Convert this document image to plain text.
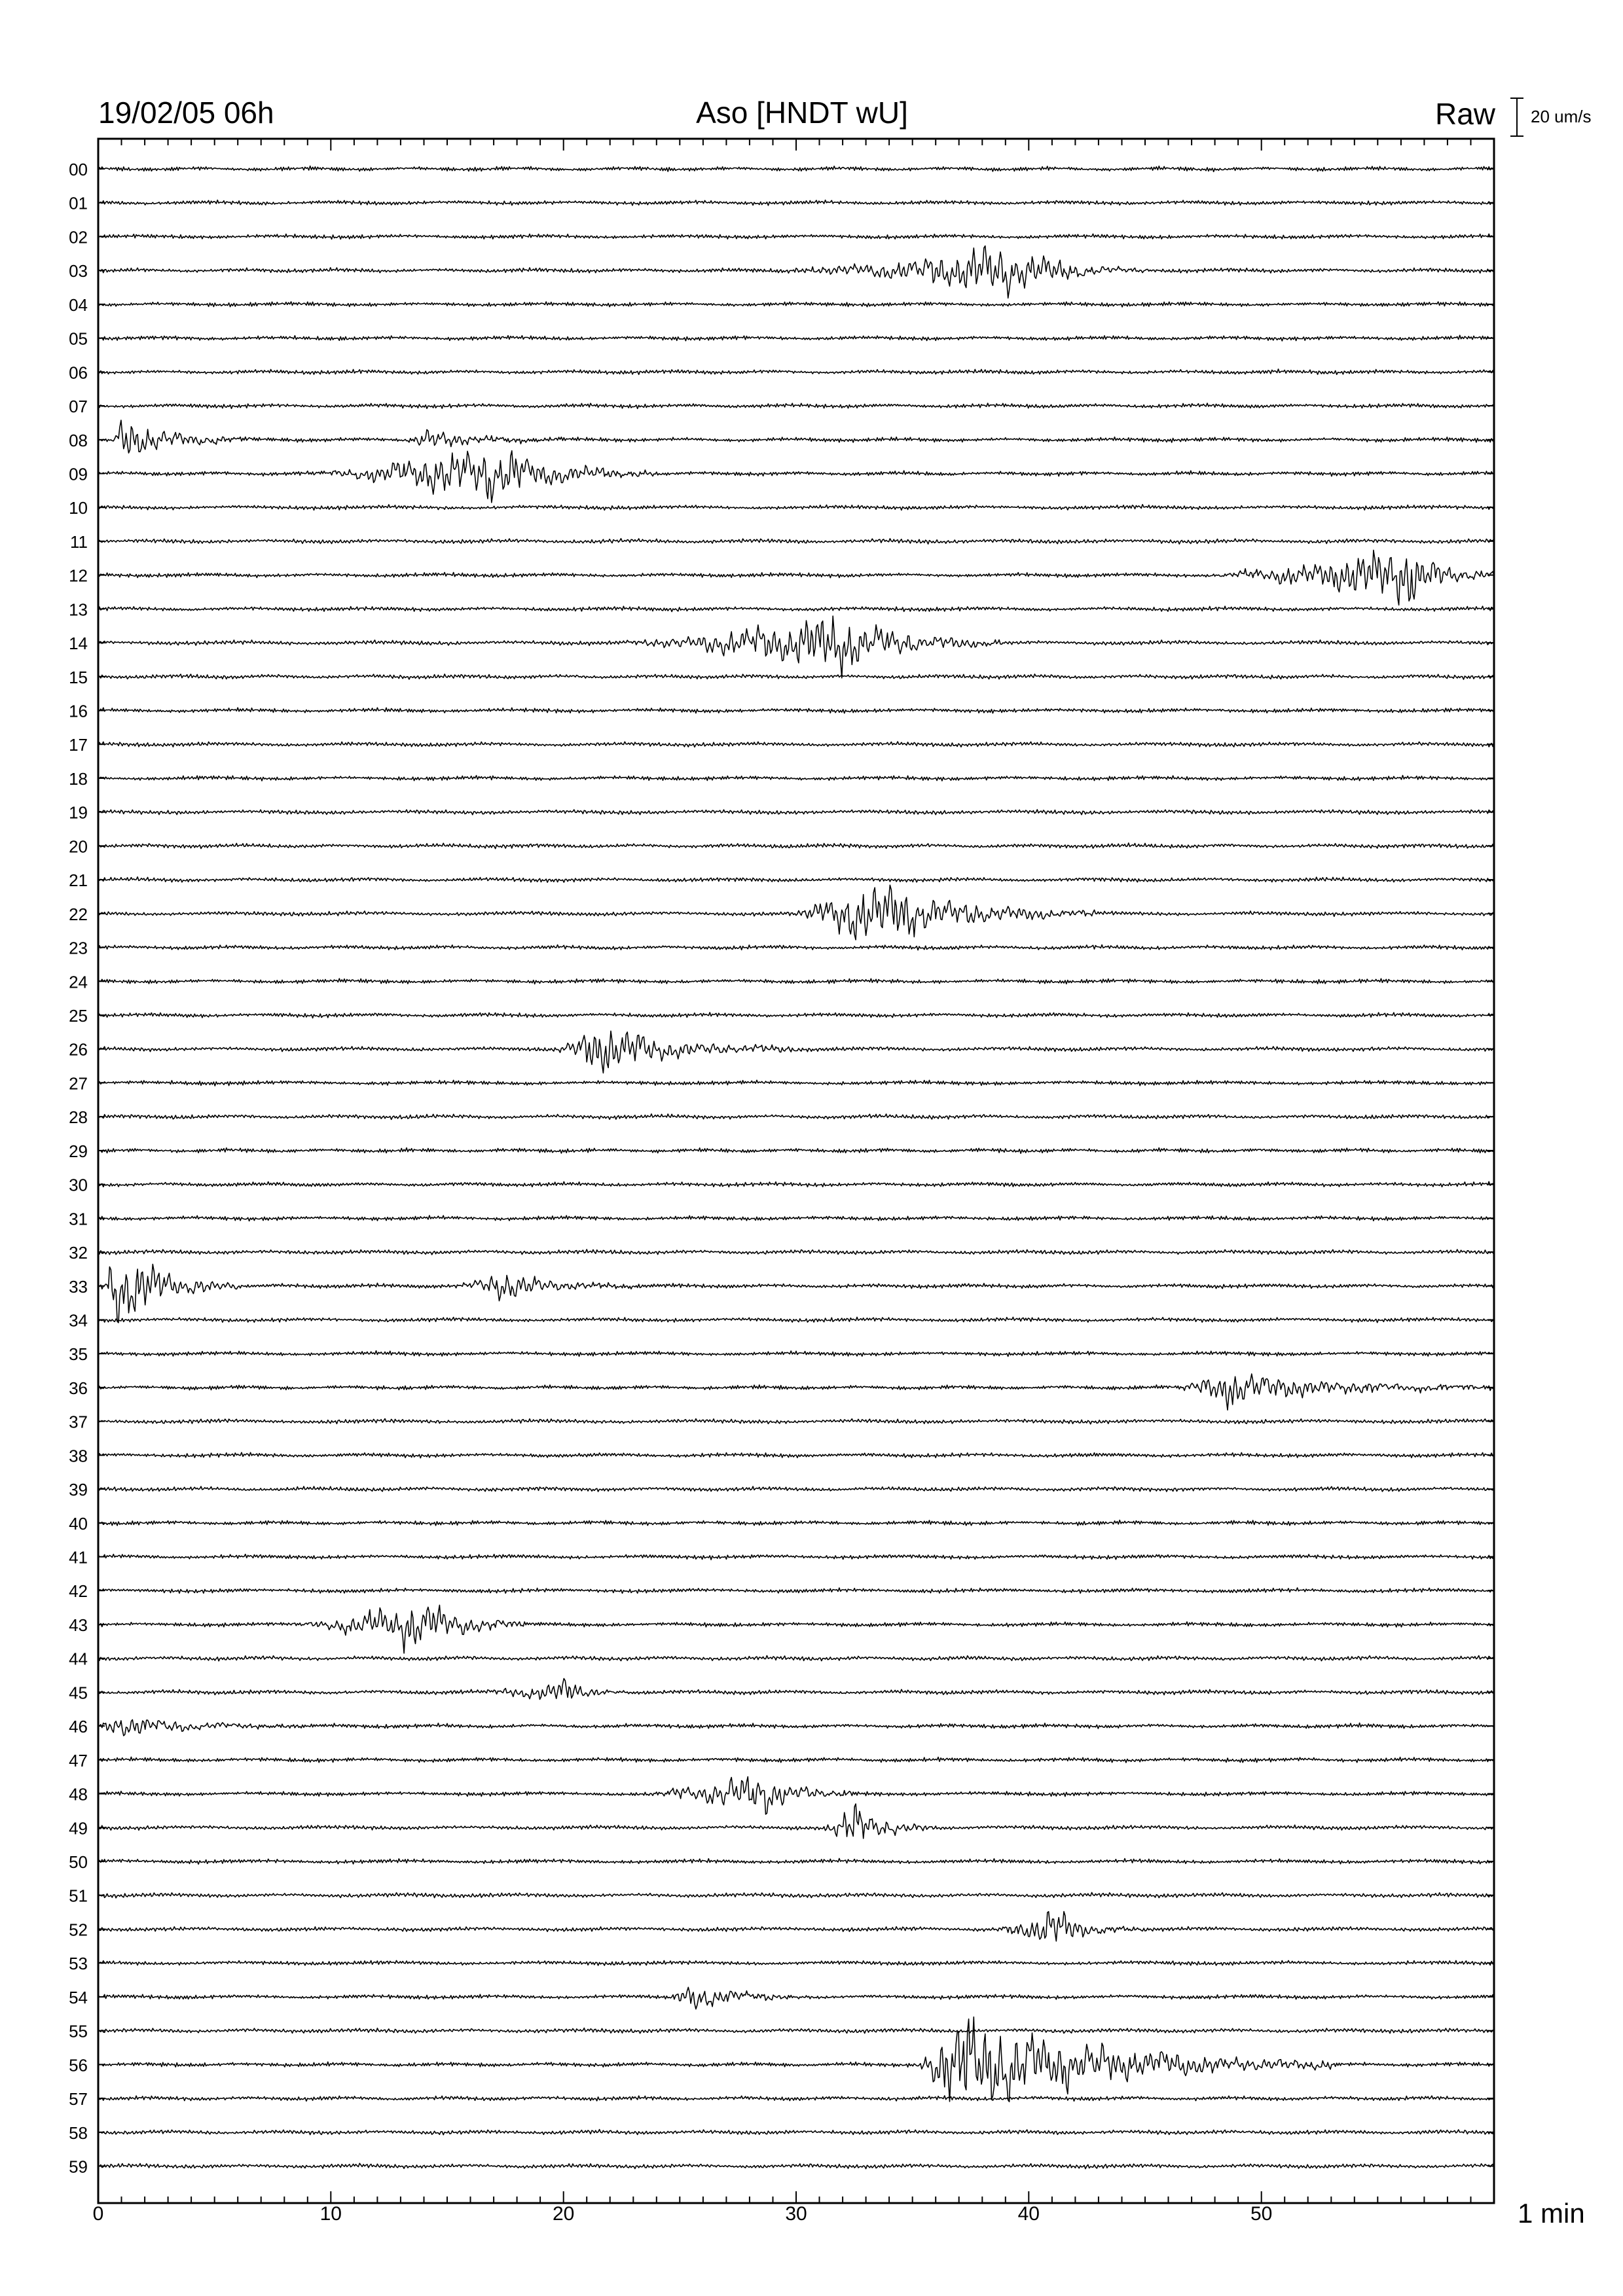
19/02/05 06h	Aso [HNDT wU]	Raw 20 um/s
00
01
02
03
04
05
06
07
08
09
10
11
12
13
14
15
16
17
18
19
20
21
22
23
24
25
26
27
28
29
30
31
32
33
34
35
36
37
38
39
40
41
42
43
44
45
46
47
48
49
50
51
52
53
54
55
56
57
58
59
0	10	20	30	40	50	1 min
